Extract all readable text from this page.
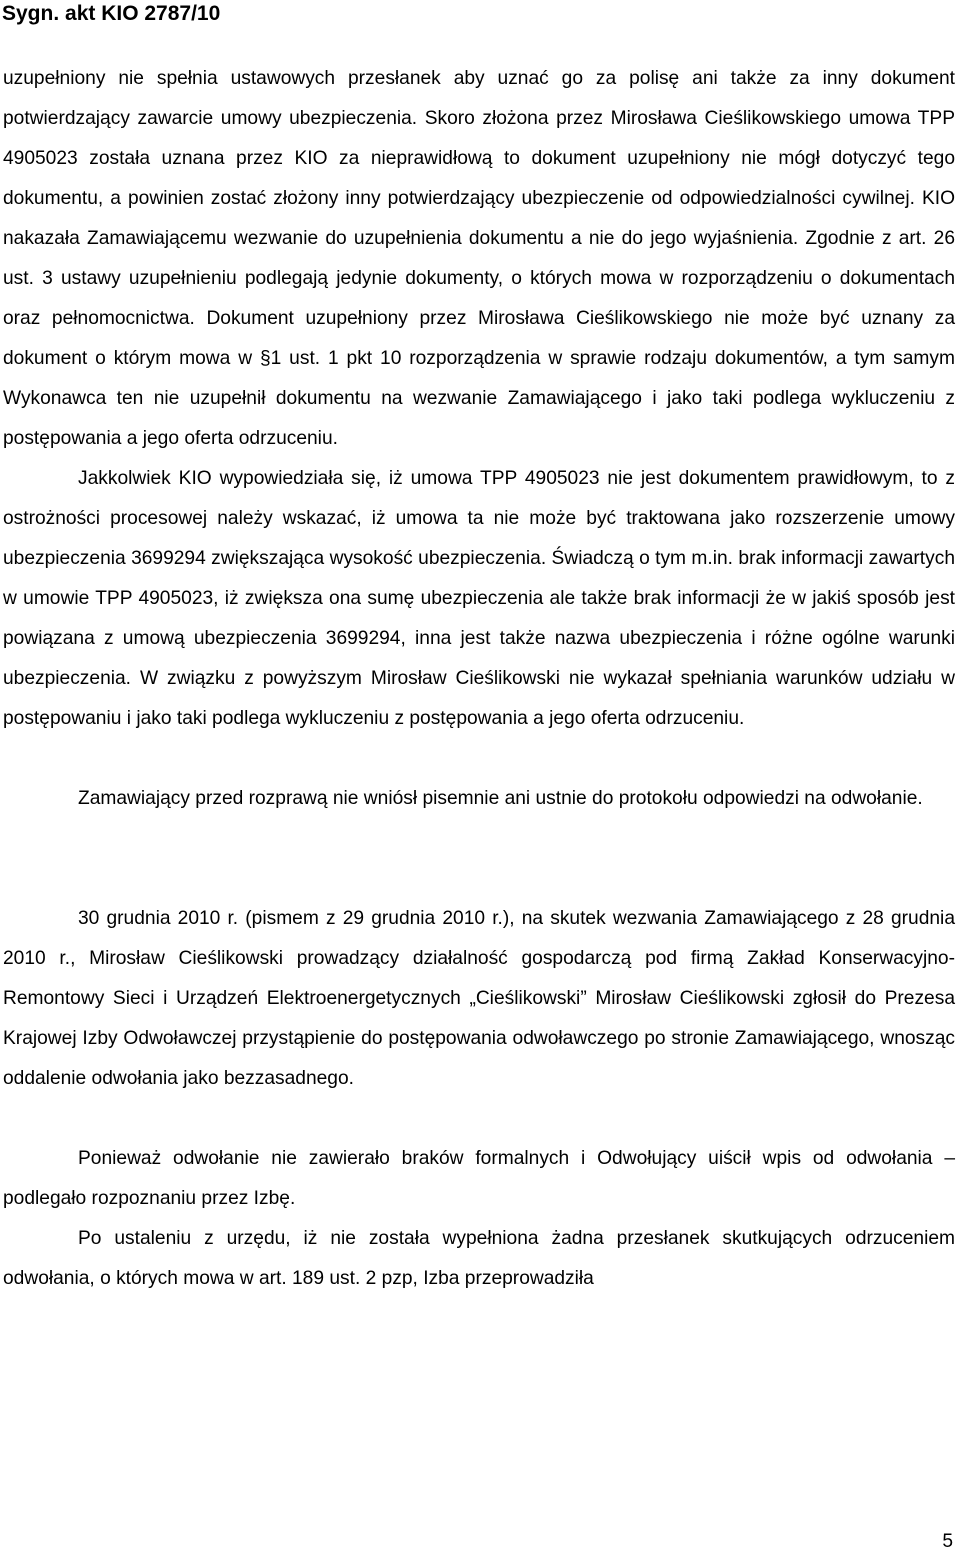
Sygn. akt KIO 2787/10

uzupełniony nie spełnia ustawowych przesłanek aby uznać go za polisę ani także za inny dokument potwierdzający zawarcie umowy ubezpieczenia. Skoro złożona przez Mirosława Cieślikowskiego umowa TPP 4905023 została uznana przez KIO za nieprawidłową to dokument uzupełniony nie mógł dotyczyć tego dokumentu, a powinien zostać złożony inny potwierdzający ubezpieczenie od odpowiedzialności cywilnej. KIO nakazała Zamawiającemu wezwanie do uzupełnienia dokumentu a nie do jego wyjaśnienia. Zgodnie z art. 26 ust. 3 ustawy uzupełnieniu podlegają jedynie dokumenty, o których mowa w rozporządzeniu o dokumentach oraz pełnomocnictwa. Dokument uzupełniony przez Mirosława Cieślikowskiego nie może być uznany za dokument o którym mowa w §1 ust. 1 pkt 10 rozporządzenia w sprawie rodzaju dokumentów, a tym samym Wykonawca ten nie uzupełnił dokumentu na wezwanie Zamawiającego i jako taki podlega wykluczeniu z postępowania a jego oferta odrzuceniu.

Jakkolwiek KIO wypowiedziała się, iż umowa TPP 4905023 nie jest dokumentem prawidłowym, to z ostrożności procesowej należy wskazać, iż umowa ta nie może być traktowana jako rozszerzenie umowy ubezpieczenia 3699294 zwiększająca wysokość ubezpieczenia. Świadczą o tym m.in. brak informacji zawartych w umowie TPP 4905023, iż zwiększa ona sumę ubezpieczenia ale także brak informacji że w jakiś sposób jest powiązana z umową ubezpieczenia 3699294, inna jest także nazwa ubezpieczenia i różne ogólne warunki ubezpieczenia. W związku z powyższym Mirosław Cieślikowski nie wykazał spełniania warunków udziału w postępowaniu i jako taki podlega wykluczeniu z postępowania a jego oferta odrzuceniu.

Zamawiający przed rozprawą nie wniósł pisemnie ani ustnie do protokołu odpowiedzi na odwołanie.

30 grudnia 2010 r. (pismem z 29 grudnia 2010 r.), na skutek wezwania Zamawiającego z 28 grudnia 2010 r., Mirosław Cieślikowski prowadzący działalność gospodarczą pod firmą Zakład Konserwacyjno-Remontowy Sieci i Urządzeń Elektroenergetycznych „Cieślikowski” Mirosław Cieślikowski zgłosił do Prezesa Krajowej Izby Odwoławczej przystąpienie do postępowania odwoławczego po stronie Zamawiającego, wnosząc oddalenie odwołania jako bezzasadnego.

Ponieważ odwołanie nie zawierało braków formalnych i Odwołujący uiścił wpis od odwołania – podlegało rozpoznaniu przez Izbę.

Po ustaleniu z urzędu, iż nie została wypełniona żadna przesłanek skutkujących odrzuceniem odwołania, o których mowa w art. 189 ust. 2 pzp, Izba przeprowadziła

5
